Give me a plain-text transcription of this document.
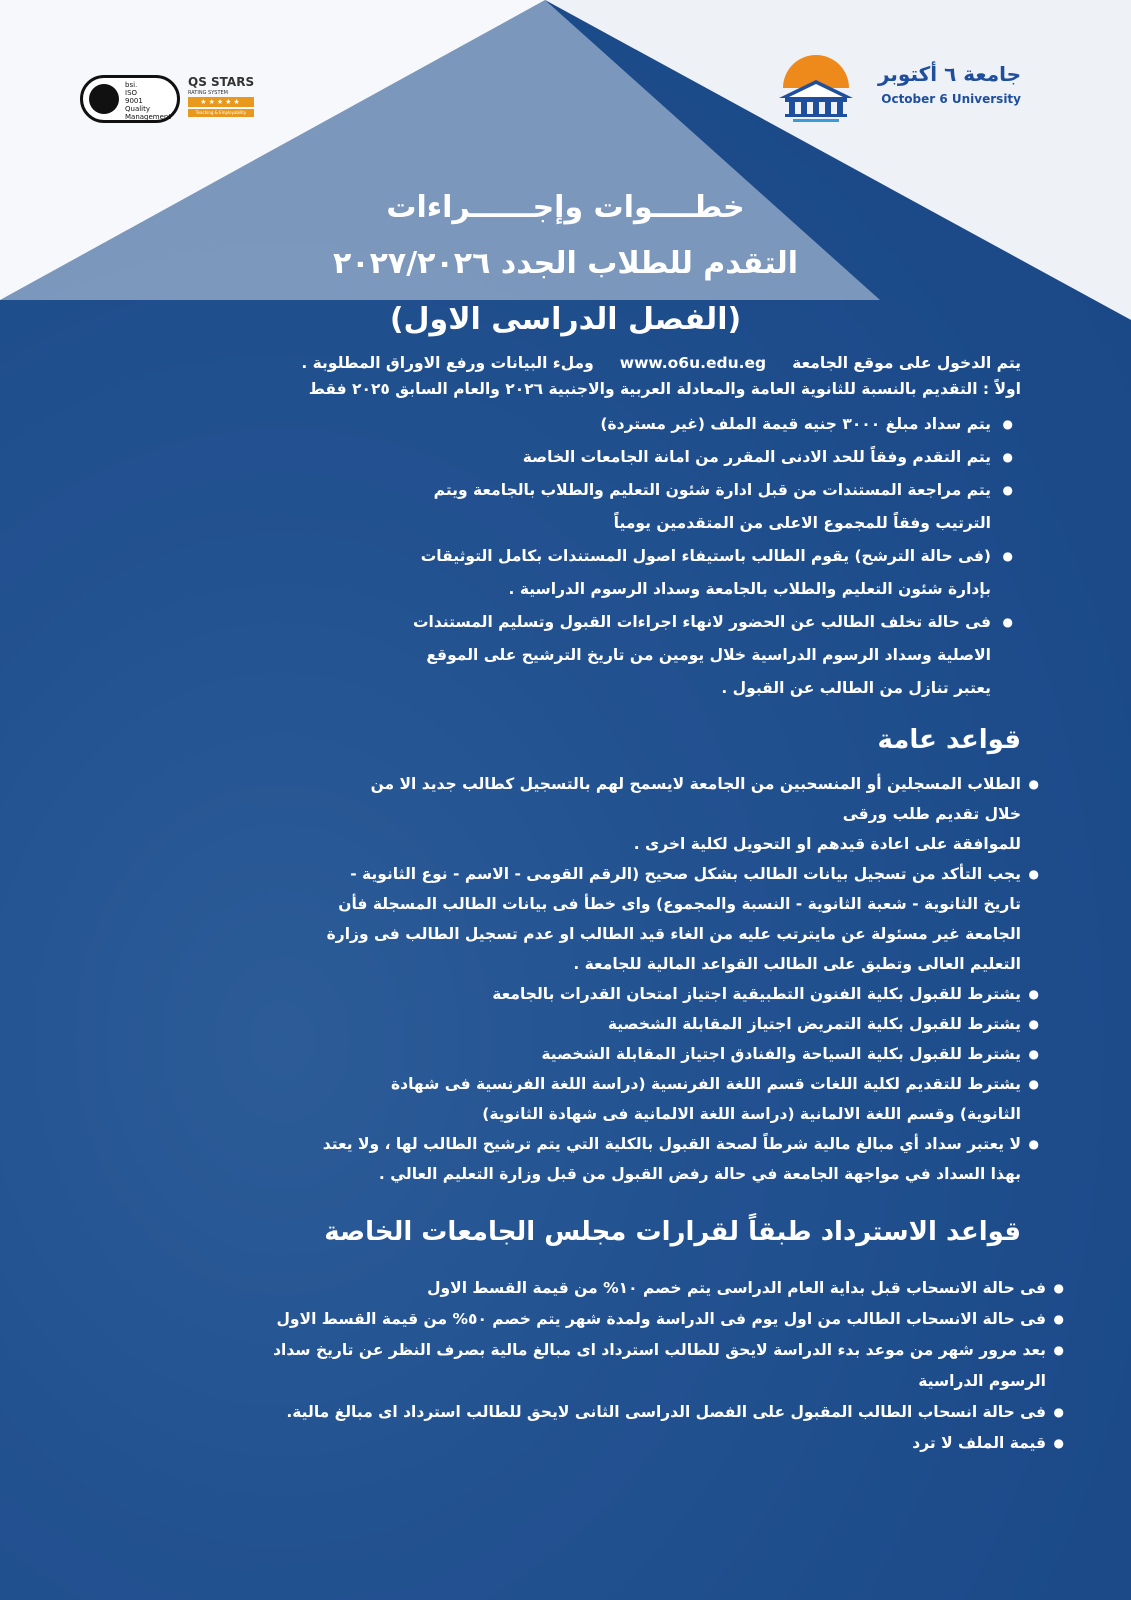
جامعة ٦ أكتوبر
October 6 University
bsi.
ISO
9001
Quality
Management
QS STARS
RATING SYSTEM
★★★★★
Teaching & Employability
خطــــوات وإجــــــراءات
التقدم للطلاب الجدد ٢٠٢٧/٢٠٢٦
(الفصل الدراسى الاول)
يتم الدخول على موقع الجامعةwww.o6u.edu.egوملء البيانات ورفع الاوراق المطلوبة .
اولاً : التقديم بالنسبة للثانوية العامة والمعادلة العربية والاجنبية ٢٠٢٦ والعام السابق ٢٠٢٥ فقط
●
يتم سداد مبلغ ٣٠٠٠ جنيه قيمة الملف (غير مستردة)
●
يتم التقدم وفقاً للحد الادنى المقرر من امانة الجامعات الخاصة
●
يتم مراجعة المستندات من قبل ادارة شئون التعليم والطلاب بالجامعة ويتم
الترتيب وفقاً للمجموع الاعلى من المتقدمين يومياً
●
(فى حالة الترشح) يقوم الطالب باستيفاء اصول المستندات بكامل التوثيقات
بإدارة شئون التعليم والطلاب بالجامعة وسداد الرسوم الدراسية .
●
فى حالة تخلف الطالب عن الحضور لانهاء اجراءات القبول وتسليم المستندات
الاصلية وسداد الرسوم الدراسية خلال يومين من تاريخ الترشيح على الموقع
يعتبر تنازل من الطالب عن القبول .
قواعد عامة
●
الطلاب المسجلين أو المنسحبين من الجامعة لايسمح لهم بالتسجيل كطالب جديد الا من
خلال تقديم طلب ورقى
للموافقة على اعادة قيدهم او التحويل لكلية اخرى .
●
يجب التأكد من تسجيل بيانات الطالب بشكل صحيح (الرقم القومى - الاسم - نوع الثانوية -
تاريخ الثانوية - شعبة الثانوية - النسبة والمجموع) واى خطأ فى بيانات الطالب المسجلة فأن
الجامعة غير مسئولة عن مايترتب عليه من الغاء قيد الطالب او عدم تسجيل الطالب فى وزارة
التعليم العالى وتطبق على الطالب القواعد المالية للجامعة .
●
يشترط للقبول بكلية الفنون التطبيقية اجتياز امتحان القدرات بالجامعة
●
يشترط للقبول بكلية التمريض اجتياز المقابلة الشخصية
●
يشترط للقبول بكلية السياحة والفنادق اجتياز المقابلة الشخصية
●
يشترط للتقديم لكلية اللغات قسم اللغة الفرنسية (دراسة اللغة الفرنسية فى شهادة
الثانوية) وقسم اللغة الالمانية (دراسة اللغة الالمانية فى شهادة الثانوية)
●
لا يعتبر سداد أي مبالغ مالية شرطاً لصحة القبول بالكلية التي يتم ترشيح الطالب لها ، ولا يعتد
بهذا السداد في مواجهة الجامعة في حالة رفض القبول من قبل وزارة التعليم العالي .
قواعد الاسترداد طبقاً لقرارات مجلس الجامعات الخاصة
●
فى حالة الانسحاب قبل بداية العام الدراسى يتم خصم ١٠% من قيمة القسط الاول
●
فى حالة الانسحاب الطالب من اول يوم فى الدراسة ولمدة شهر يتم خصم ٥٠% من قيمة القسط الاول
●
بعد مرور شهر من موعد بدء الدراسة لايحق للطالب استرداد اى مبالغ مالية بصرف النظر عن تاريخ سداد
الرسوم الدراسية
●
فى حالة انسحاب الطالب المقبول على الفصل الدراسى الثانى لايحق للطالب استرداد اى مبالغ مالية.
●
قيمة الملف لا ترد
